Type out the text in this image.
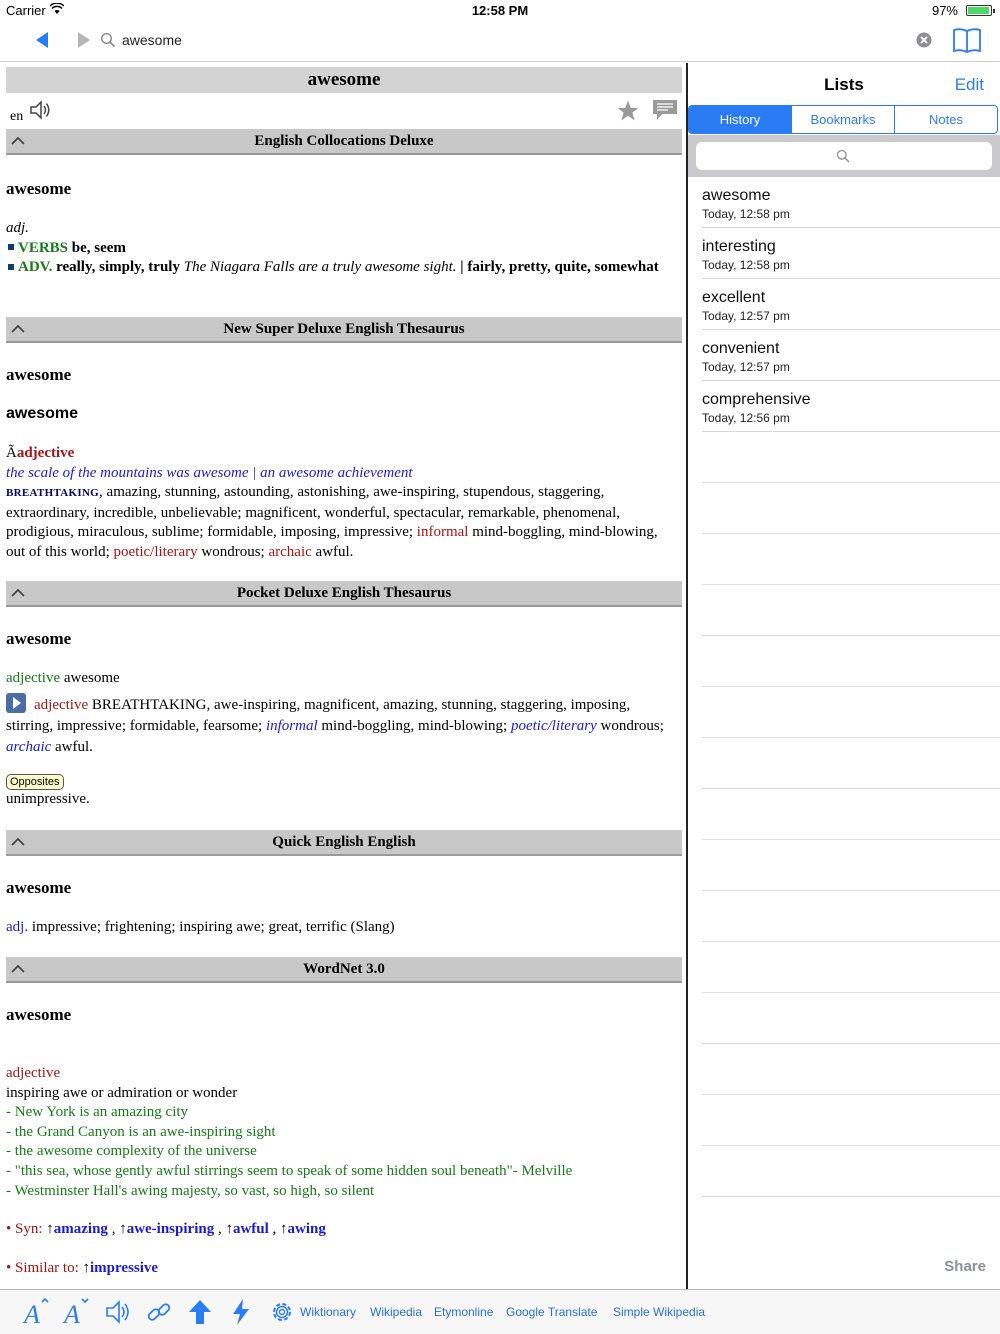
Carrier	12:58 PM	97%
awesome
awesome
en
English Collocations Deluxe
awesome
adj.
VERBS be, seem
ADV. really, simply, truly The Niagara Falls are a truly awesome sight. | fairly, pretty, quite, somewhat
New Super Deluxe English Thesaurus
awesome
awesome
Ãadjective
the scale of the mountains was awesome | an awesome achievement
BREATHTAKING, amazing, stunning, astounding, astonishing, awe-inspiring, stupendous, staggering, extraordinary, incredible, unbelievable; magnificent, wonderful, spectacular, remarkable, phenomenal, prodigious, miraculous, sublime; formidable, imposing, impressive; informal mind-boggling, mind-blowing, out of this world; poetic/literary wondrous; archaic awful.
Pocket Deluxe English Thesaurus
awesome
adjective awesome
adjective BREATHTAKING, awe-inspiring, magnificent, amazing, stunning, staggering, imposing, stirring, impressive; formidable, fearsome; informal mind-boggling, mind-blowing; poetic/literary wondrous; archaic awful.
Opposites
unimpressive.
Quick English English
awesome
adj. impressive; frightening; inspiring awe; great, terrific (Slang)
WordNet 3.0
awesome
adjective
inspiring awe or admiration or wonder
- New York is an amazing city
- the Grand Canyon is an awe-inspiring sight
- the awesome complexity of the universe
- "this sea, whose gently awful stirrings seem to speak of some hidden soul beneath"- Melville
- Westminster Hall's awing majesty, so vast, so high, so silent
• Syn: ↑amazing , ↑awe-inspiring , ↑awful , ↑awing
• Similar to: ↑impressive
Lists	Edit
History	Bookmarks	Notes
awesome
Today, 12:58 pm
interesting
Today, 12:58 pm
excellent
Today, 12:57 pm
convenient
Today, 12:57 pm
comprehensive
Today, 12:56 pm
Share
A A	Wiktionary Wikipedia Etymonline Google Translate Simple Wikipedia
